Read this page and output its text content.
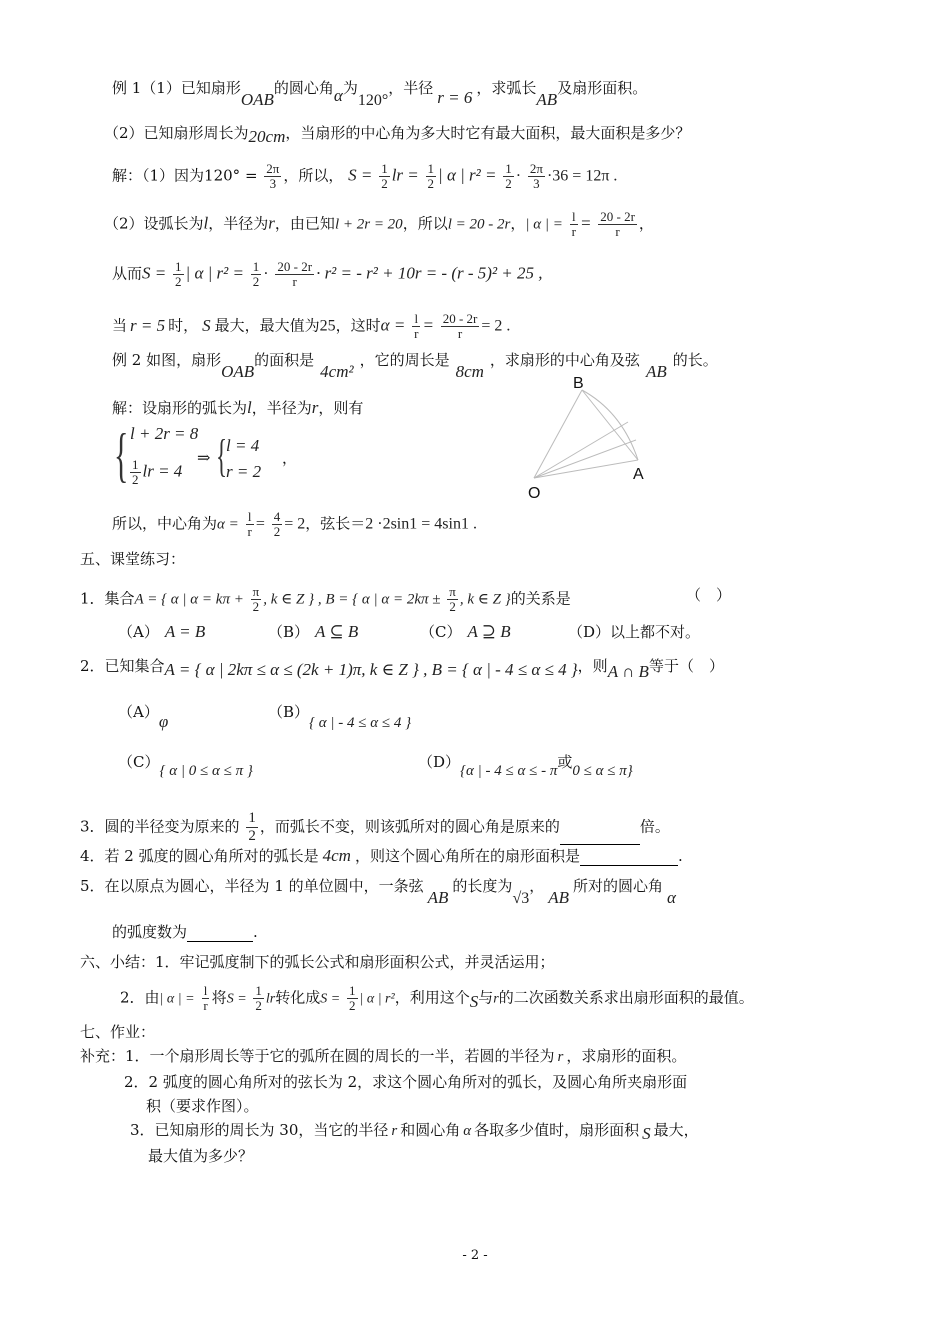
例 1（1）已知扇形OAB的圆心角α为120°，半径 r = 6 ，求弧长AB及扇形面积。
（2）已知扇形周长为20cm，当扇形的中心角为多大时它有最大面积，最大面积是多少？
解：（1）因为$120^\circ = \frac{2\pi}{3}$ ，所以， $S = \frac{1}{2}$ lr = $\frac{1}{2}$ | α | $r^2 = \frac{1}{2} \cdot \frac{2\pi}{3} \cdot 36 = 12\pi$ .
（2）设弧长为l，半径为r，由已知l + 2r = 20，所以l = 20 - 2r，| α | = $\frac{l}{r} = \frac{20 - 2r}{r}$ ，
从而$S = \frac{1}{2}$ | α | $r^2 = \frac{1}{2} \cdot \frac{20 - 2r}{r} \cdot r^2$ = - r² + 10r = - (r - 5)² + 25 ,
当 r = 5 时， S 最大，最大值为25，这时$\alpha = \frac{l}{r} = \frac{20 - 2r}{r} = 2$ .
例 2 如图，扇形OAB的面积是4cm²，它的周长是8cm，求扇形的中心角及弦AB的长。
解：设扇形的弧长为l，半径为r，则有
{ l + 2r = 8
$\frac{1}{2}$ lr = 4
⇒ {
l = 4
r = 2
，
B
A
O
所以，中心角为$\alpha = \frac{l}{r} = \frac{4}{2} = 2$，弦长＝2 ·2sin1 = 4sin1 .
五、课堂练习：
1．集合A = { α | $\alpha = k\pi + \frac{\pi}{2}$ , k ∈ Z } , B = { α | $\alpha = 2k\pi \pm \frac{\pi}{2}$ , k ∈ Z }的关系是	（　）
（A） A = B	（B） A ⊆ B	（C） A ⊇ B	（D）以上都不对。
2．已知集合A = { α | 2kπ ≤ α ≤ (2k + 1)π, k ∈ Z } , B = { α | - 4 ≤ α ≤ 4 }，则A ∩ B等于（　）
（A）φ	（B）{ α | - 4 ≤ α ≤ 4 }
（C）{ α | 0 ≤ α ≤ π }	（D）{α | - 4 ≤ α ≤ - π或0 ≤ α ≤ π}
3．圆的半径变为原来的 $\frac{1}{2}$ ，而弧长不变，则该弧所对的圆心角是原来的	倍。
4．若 2 弧度的圆心角所对的弧长是 4cm ，则这个圆心角所在的扇形面积是	.
5．在以原点为圆心，半径为 1 的单位圆中，一条弦AB的长度为√3，AB所对的圆心角α
的弧度数为	.
六、小结：1．牢记弧度制下的弧长公式和扇形面积公式，并灵活运用；
2．由| α | = $\frac{l}{r}$ 将$S = \frac{1}{2}$ lr转化成$S = \frac{1}{2}$ | α | r²，利用这个S与r的二次函数关系求出扇形面积的最值。
七、作业：
补充：1．一个扇形周长等于它的弧所在圆的周长的一半，若圆的半径为 r ，求扇形的面积。
2．2 弧度的圆心角所对的弦长为 2，求这个圆心角所对的弧长，及圆心角所夹扇形面
积（要求作图）。
3．已知扇形的周长为 30，当它的半径 r 和圆心角 α 各取多少值时，扇形面积 S 最大，
最大值为多少？
- 2 -
